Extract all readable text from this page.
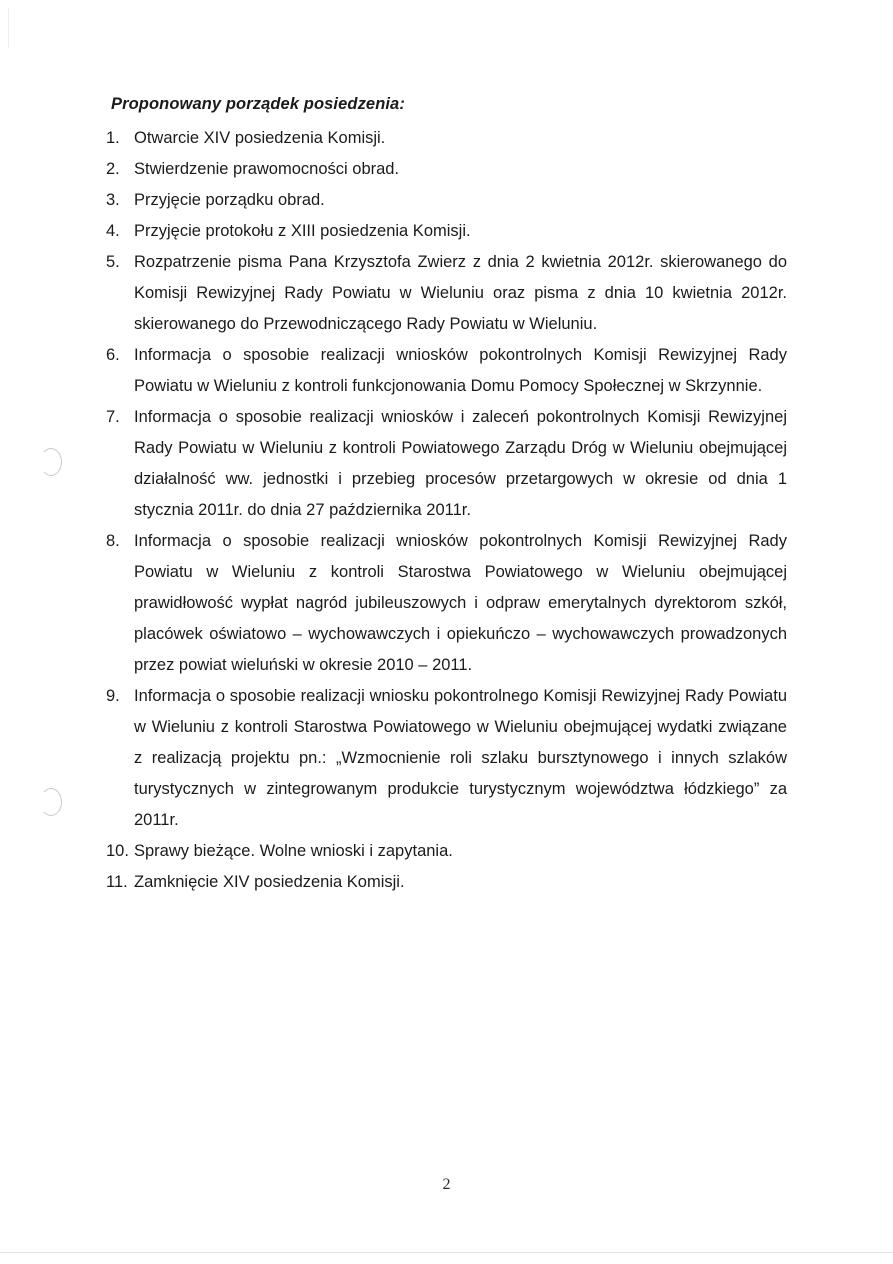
Proponowany porządek posiedzenia:
1. Otwarcie XIV posiedzenia Komisji.
2. Stwierdzenie prawomocności obrad.
3. Przyjęcie porządku obrad.
4. Przyjęcie protokołu z XIII posiedzenia Komisji.
5. Rozpatrzenie pisma Pana Krzysztofa Zwierz z dnia 2 kwietnia 2012r. skierowanego do Komisji Rewizyjnej Rady Powiatu w Wieluniu oraz pisma z dnia 10 kwietnia 2012r. skierowanego do Przewodniczącego Rady Powiatu w Wieluniu.
6. Informacja o sposobie realizacji wniosków pokontrolnych Komisji Rewizyjnej Rady Powiatu w Wieluniu z kontroli funkcjonowania Domu Pomocy Społecznej w Skrzynnie.
7. Informacja o sposobie realizacji wniosków i zaleceń pokontrolnych Komisji Rewizyjnej Rady Powiatu w Wieluniu z kontroli Powiatowego Zarządu Dróg w Wieluniu obejmującej działalność ww. jednostki i przebieg procesów przetargowych w okresie od dnia 1 stycznia 2011r. do dnia 27 października 2011r.
8. Informacja o sposobie realizacji wniosków pokontrolnych Komisji Rewizyjnej Rady Powiatu w Wieluniu z kontroli Starostwa Powiatowego w Wieluniu obejmującej prawidłowość wypłat nagród jubileuszowych i odpraw emerytalnych dyrektorom szkół, placówek oświatowo – wychowawczych i opiekuńczo – wychowawczych prowadzonych przez powiat wieluński w okresie 2010 – 2011.
9. Informacja o sposobie realizacji wniosku pokontrolnego Komisji Rewizyjnej Rady Powiatu w Wieluniu z kontroli Starostwa Powiatowego w Wieluniu obejmującej wydatki związane z realizacją projektu pn.: „Wzmocnienie roli szlaku bursztynowego i innych szlaków turystycznych w zintegrowanym produkcie turystycznym województwa łódzkiego” za 2011r.
10. Sprawy bieżące. Wolne wnioski i zapytania.
11. Zamknięcie XIV posiedzenia Komisji.
2
